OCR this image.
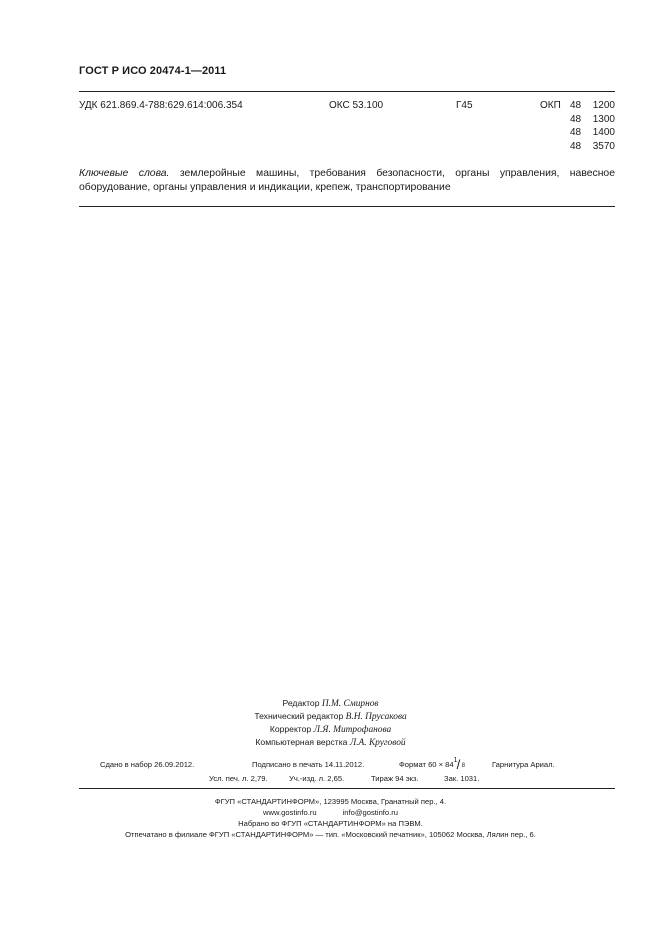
ГОСТ Р ИСО 20474-1—2011
УДК 621.869.4-788:629.614:006.354	ОКС 53.100	Г45	ОКП 48 1200
48 1300
48 1400
48 3570
Ключевые слова. землеройные машины, требования безопасности, органы управления, навесное оборудование, органы управления и индикации, крепеж, транспортирование
Редактор П.М. Смирнов
Технический редактор В.Н. Прусакова
Корректор Л.Я. Митрофанова
Компьютерная верстка Л.А. Круговой
Сдано в набор 26.09.2012.	Подписано в печать 14.11.2012.	Формат 60 × 84 1 / 8	Гарнитура Ариал.
Усл. печ. л. 2,79.	Уч.-изд. л. 2,65.	Тираж 94 экз.	Зак. 1031.
ФГУП «СТАНДАРТИНФОРМ», 123995 Москва, Гранатный пер., 4.
www.gostinfo.ru	info@gostinfo.ru
Набрано во ФГУП «СТАНДАРТИНФОРМ» на ПЭВМ.
Отпечатано в филиале ФГУП «СТАНДАРТИНФОРМ» — тип. «Московский печатник», 105062 Москва, Лялин пер., 6.
